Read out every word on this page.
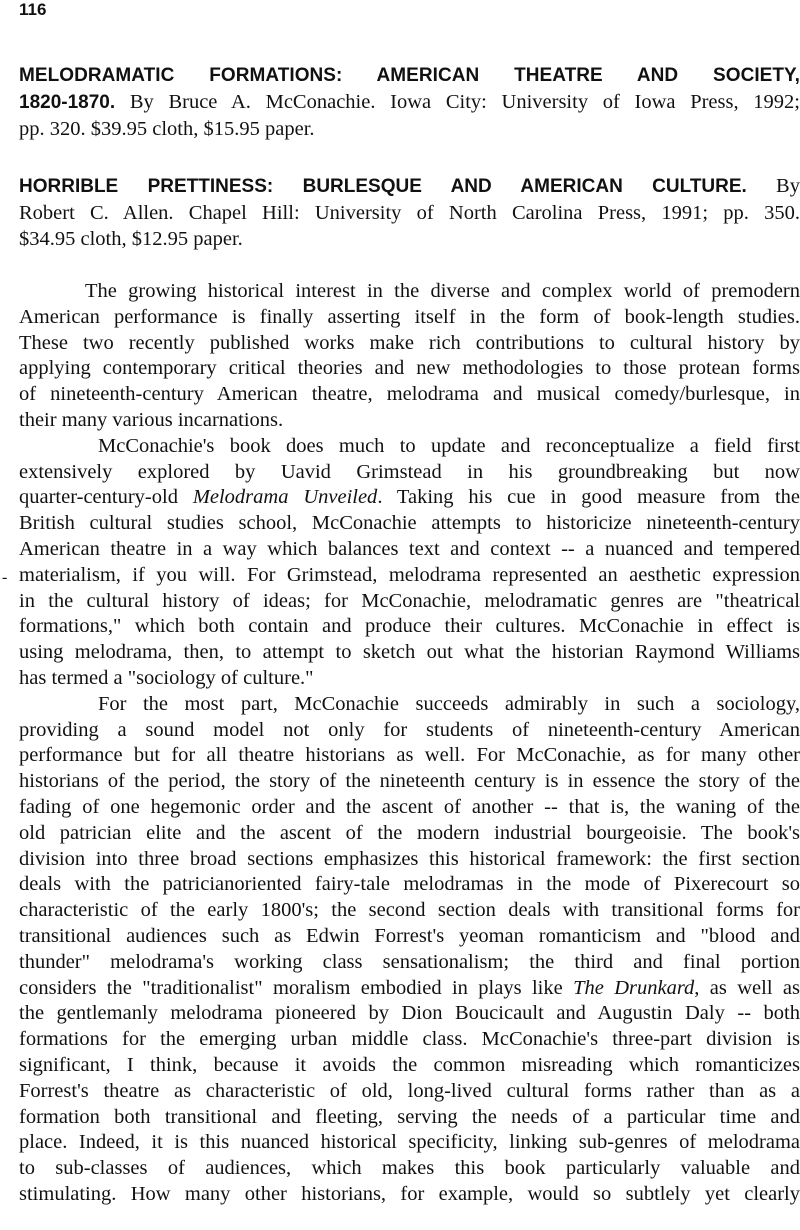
116
MELODRAMATIC FORMATIONS: AMERICAN THEATRE AND SOCIETY,
1820-1870. By Bruce A. McConachie. Iowa City: University of Iowa Press, 1992;
pp. 320. $39.95 cloth, $15.95 paper.
HORRIBLE PRETTINESS: BURLESQUE AND AMERICAN CULTURE. By
Robert C. Allen. Chapel Hill: University of North Carolina Press, 1991; pp. 350.
$34.95 cloth, $12.95 paper.
-
The growing historical interest in the diverse and complex world of premodern
American performance is finally asserting itself in the form of book-length studies.
These two recently published works make rich contributions to cultural history by
applying contemporary critical theories and new methodologies to those protean forms
of nineteenth-century American theatre, melodrama and musical comedy/burlesque, in
their many various incarnations.
McConachie's book does much to update and reconceptualize a field first
extensively explored by Uavid Grimstead in his groundbreaking but now
quarter-century-old Melodrama Unveiled. Taking his cue in good measure from the
British cultural studies school, McConachie attempts to historicize nineteenth-century
American theatre in a way which balances text and context -- a nuanced and tempered
materialism, if you will. For Grimstead, melodrama represented an aesthetic expression
in the cultural history of ideas; for McConachie, melodramatic genres are "theatrical
formations," which both contain and produce their cultures. McConachie in effect is
using melodrama, then, to attempt to sketch out what the historian Raymond Williams
has termed a "sociology of culture."
For the most part, McConachie succeeds admirably in such a sociology,
providing a sound model not only for students of nineteenth-century American
performance but for all theatre historians as well. For McConachie, as for many other
historians of the period, the story of the nineteenth century is in essence the story of the
fading of one hegemonic order and the ascent of another -- that is, the waning of the
old patrician elite and the ascent of the modern industrial bourgeoisie. The book's
division into three broad sections emphasizes this historical framework: the first section
deals with the patricianoriented fairy-tale melodramas in the mode of Pixerecourt so
characteristic of the early 1800's; the second section deals with transitional forms for
transitional audiences such as Edwin Forrest's yeoman romanticism and "blood and
thunder" melodrama's working class sensationalism; the third and final portion
considers the "traditionalist" moralism embodied in plays like The Drunkard, as well as
the gentlemanly melodrama pioneered by Dion Boucicault and Augustin Daly -- both
formations for the emerging urban middle class. McConachie's three-part division is
significant, I think, because it avoids the common misreading which romanticizes
Forrest's theatre as characteristic of old, long-lived cultural forms rather than as a
formation both transitional and fleeting, serving the needs of a particular time and
place. Indeed, it is this nuanced historical specificity, linking sub-genres of melodrama
to sub-classes of audiences, which makes this book particularly valuable and
stimulating. How many other historians, for example, would so subtlely yet clearly
